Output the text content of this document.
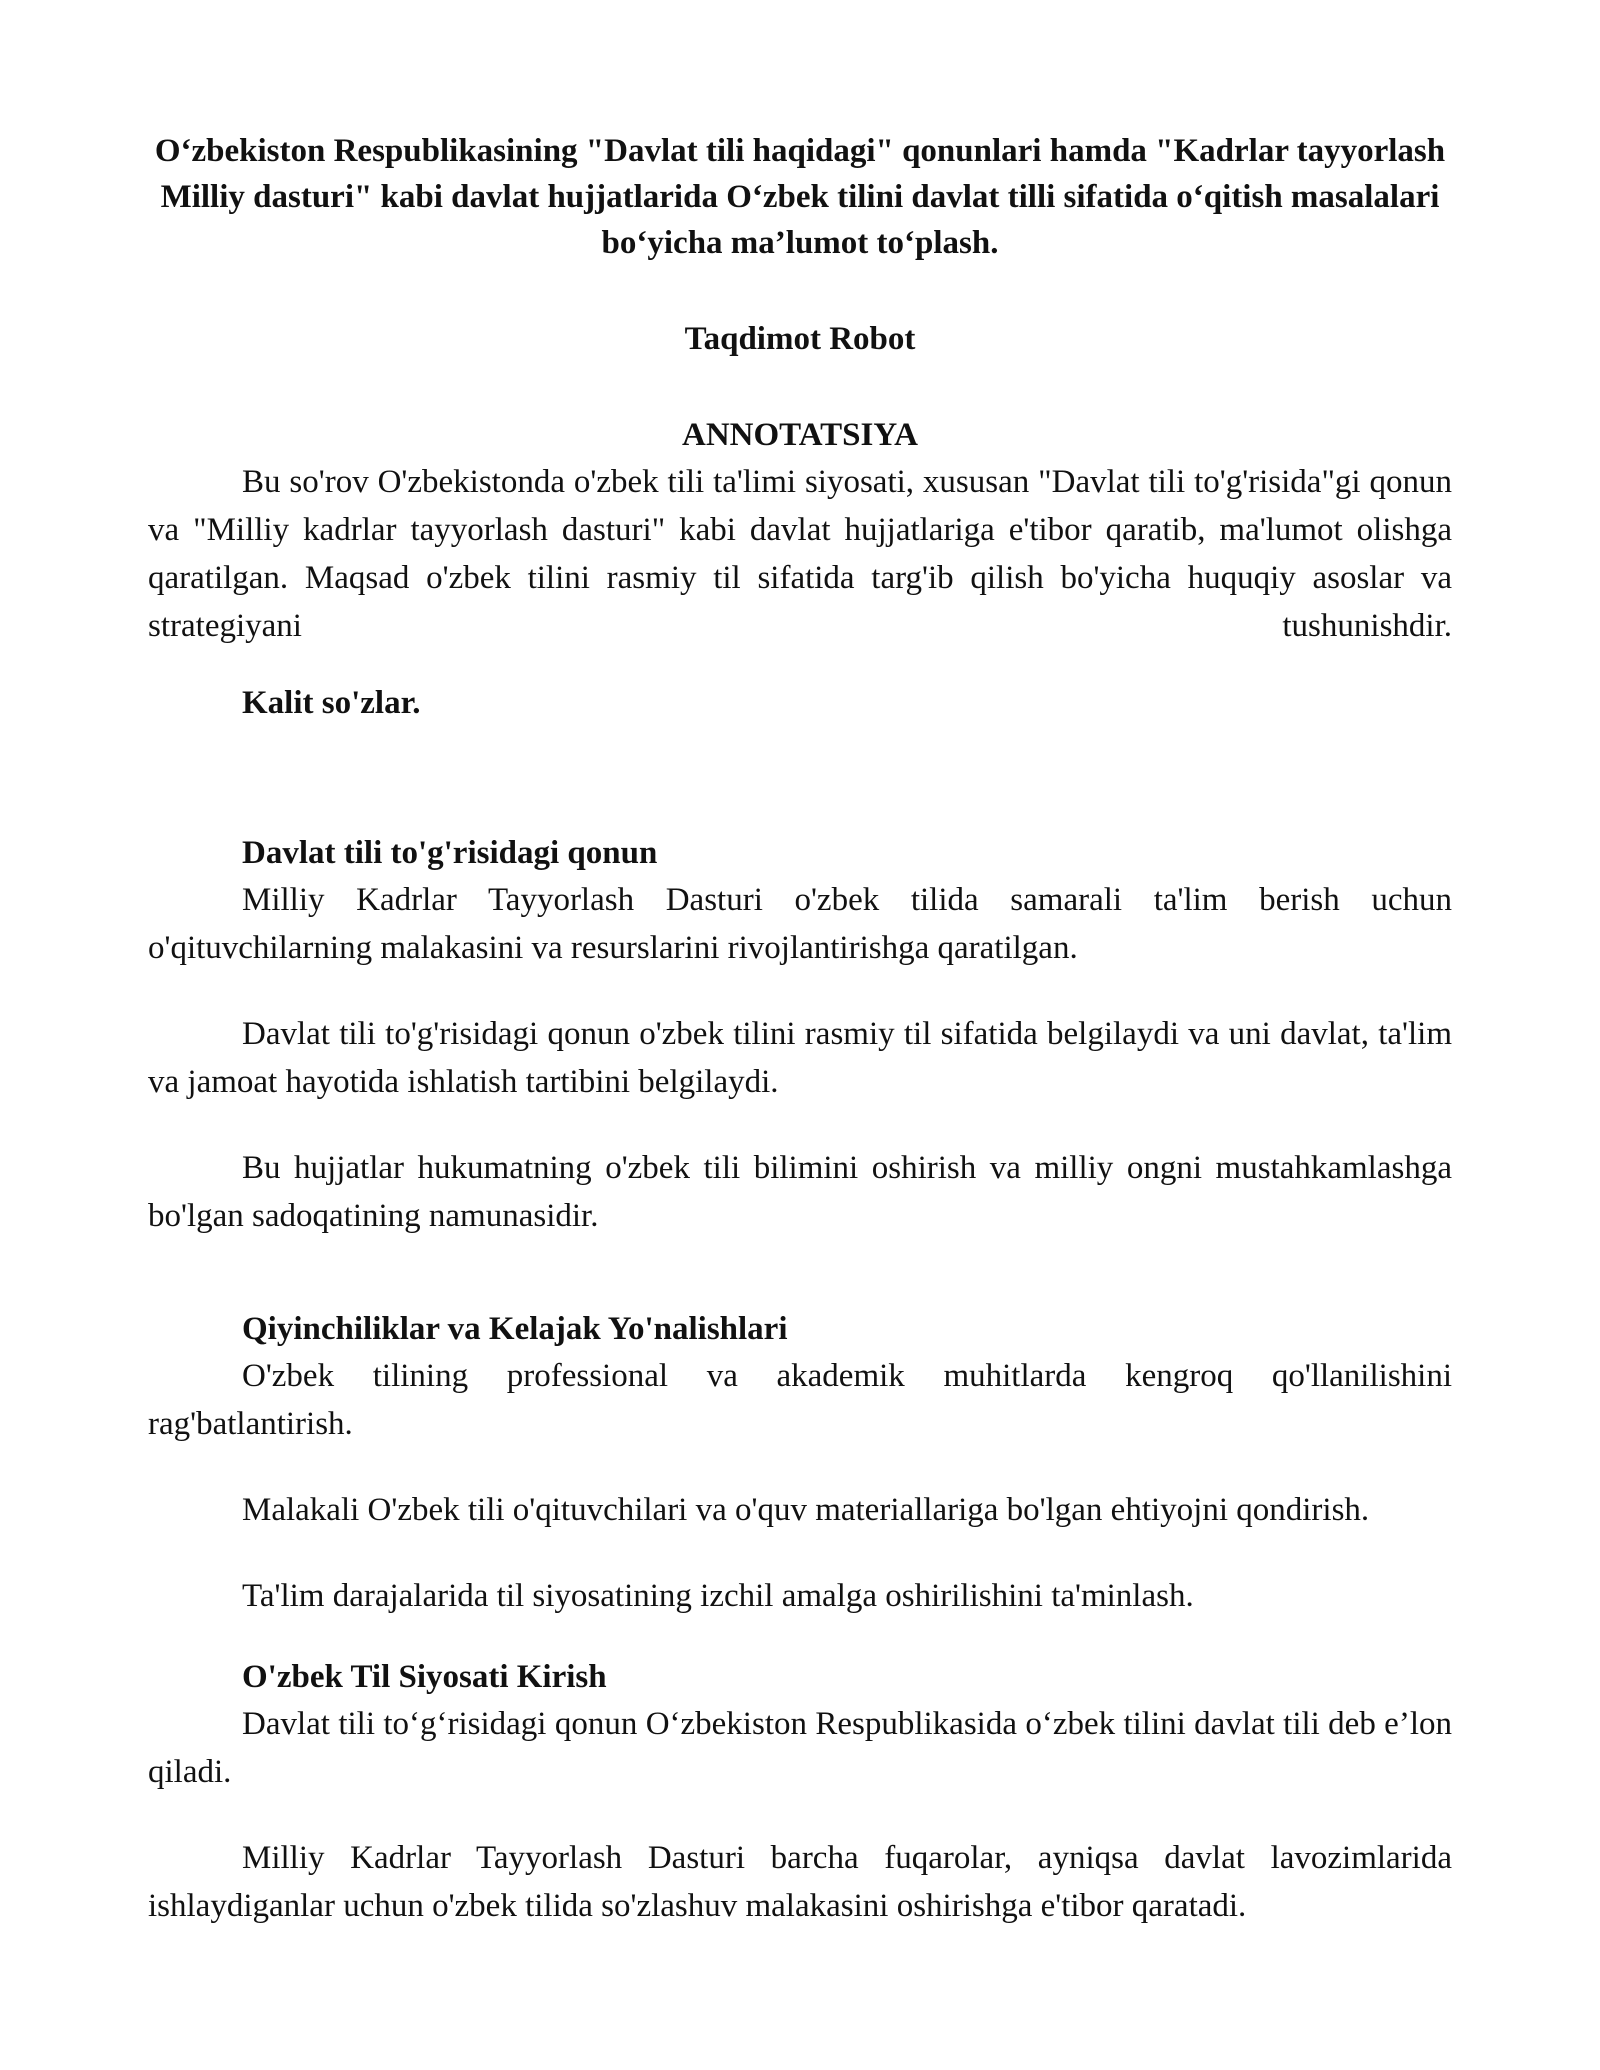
O‘zbekiston Respublikasining "Davlat tili haqidagi" qonunlari hamda "Kadrlar tayyorlash Milliy dasturi" kabi davlat hujjatlarida O‘zbek tilini davlat tilli sifatida o‘qitish masalalari bo‘yicha ma’lumot to‘plash.
Taqdimot Robot
ANNOTATSIYA

Bu so'rov O'zbekistonda o'zbek tili ta'limi siyosati, xususan "Davlat tili to'g'risida"gi qonun va "Milliy kadrlar tayyorlash dasturi" kabi davlat hujjatlariga e'tibor qaratib, ma'lumot olishga qaratilgan. Maqsad o'zbek tilini rasmiy til sifatida targ'ib qilish bo'yicha huquqiy asoslar va strategiyani tushunishdir.

Kalit so'zlar.
Davlat tili to'g'risidagi qonun

Milliy Kadrlar Tayyorlash Dasturi o'zbek tilida samarali ta'lim berish uchun o'qituvchilarning malakasini va resurslarini rivojlantirishga qaratilgan.

Davlat tili to'g'risidagi qonun o'zbek tilini rasmiy til sifatida belgilaydi va uni davlat, ta'lim va jamoat hayotida ishlatish tartibini belgilaydi.

Bu hujjatlar hukumatning o'zbek tili bilimini oshirish va milliy ongni mustahkamlashga bo'lgan sadoqatining namunasidir.

Qiyinchiliklar va Kelajak Yo'nalishlari

O'zbek tilining professional va akademik muhitlarda kengroq qo'llanilishini rag'batlantirish.

Malakali O'zbek tili o'qituvchilari va o'quv materiallariga bo'lgan ehtiyojni qondirish.

Ta'lim darajalarida til siyosatining izchil amalga oshirilishini ta'minlash.

O'zbek Til Siyosati Kirish

Davlat tili to‘g‘risidagi qonun O‘zbekiston Respublikasida o‘zbek tilini davlat tili deb e’lon qiladi.

Milliy Kadrlar Tayyorlash Dasturi barcha fuqarolar, ayniqsa davlat lavozimlarida ishlaydiganlar uchun o'zbek tilida so'zlashuv malakasini oshirishga e'tibor qaratadi.
